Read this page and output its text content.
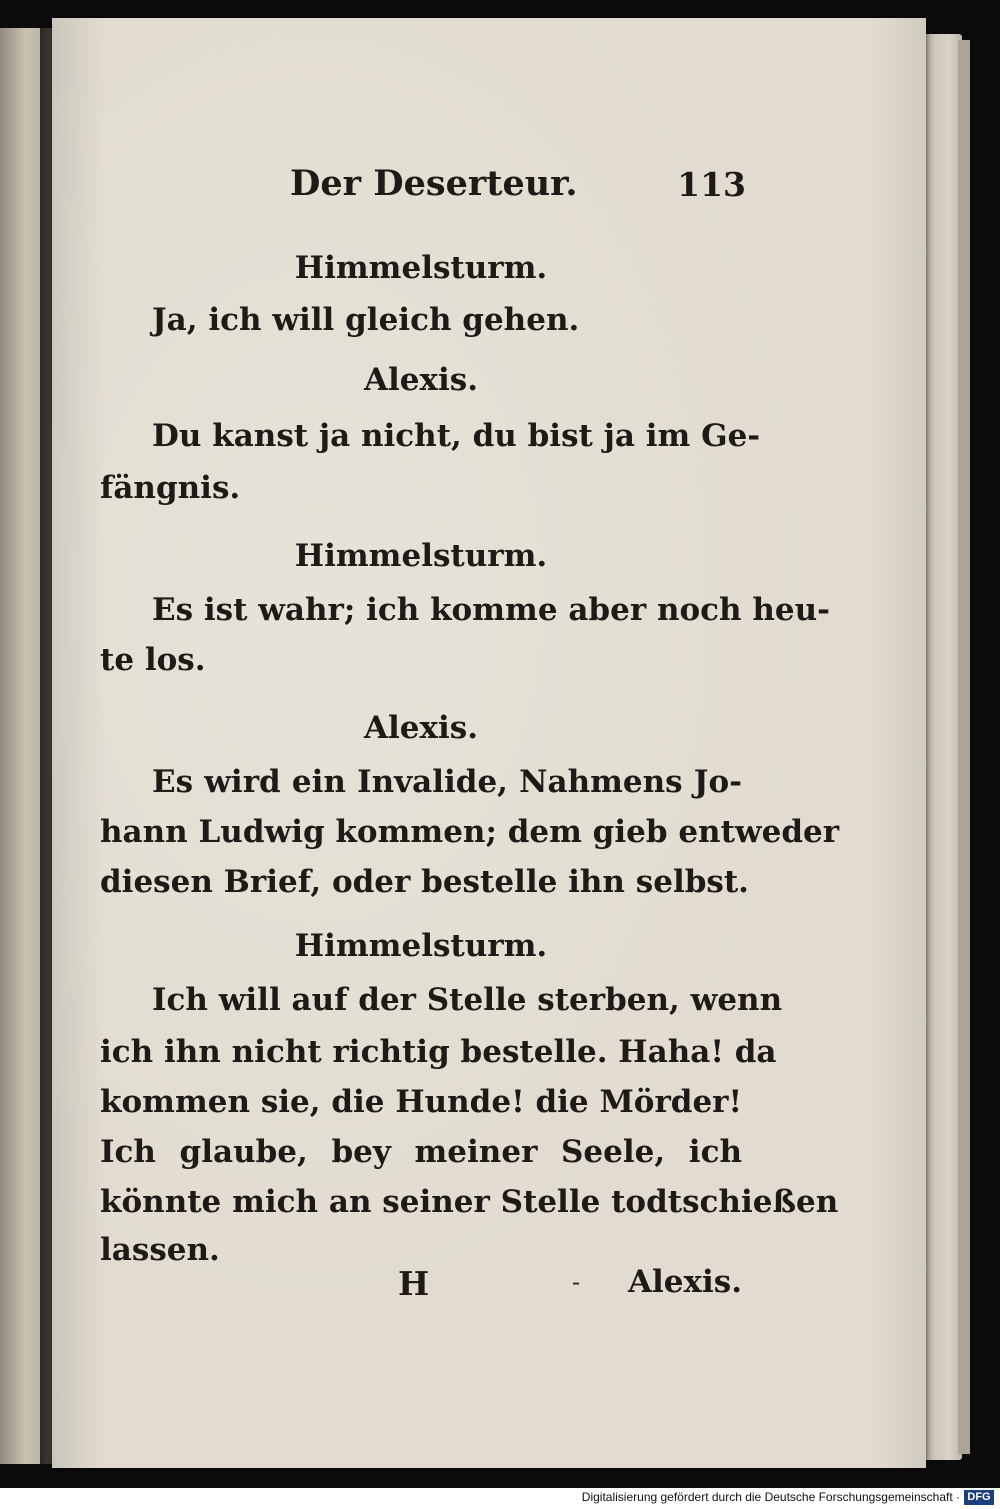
Der Deserteur.	113
Himmelsturm.
Ja, ich will gleich gehen.
Alexis.
Du kanst ja nicht, du bist ja im Ge-
fängnis.
Himmelsturm.
Es ist wahr; ich komme aber noch heu-
te los.
Alexis.
Es wird ein Invalide, Nahmens Jo-
hann Ludwig kommen; dem gieb entweder
diesen Brief, oder bestelle ihn selbst.
Himmelsturm.
Ich will auf der Stelle sterben, wenn
ich ihn nicht richtig bestelle. Haha! da
kommen sie, die Hunde! die Mörder!
Ich glaube, bey meiner Seele, ich
könnte mich an seiner Stelle todtschießen
lassen.
H	- Alexis.
Digitalisierung gefördert durch die Deutsche Forschungsgemeinschaft · DFG
